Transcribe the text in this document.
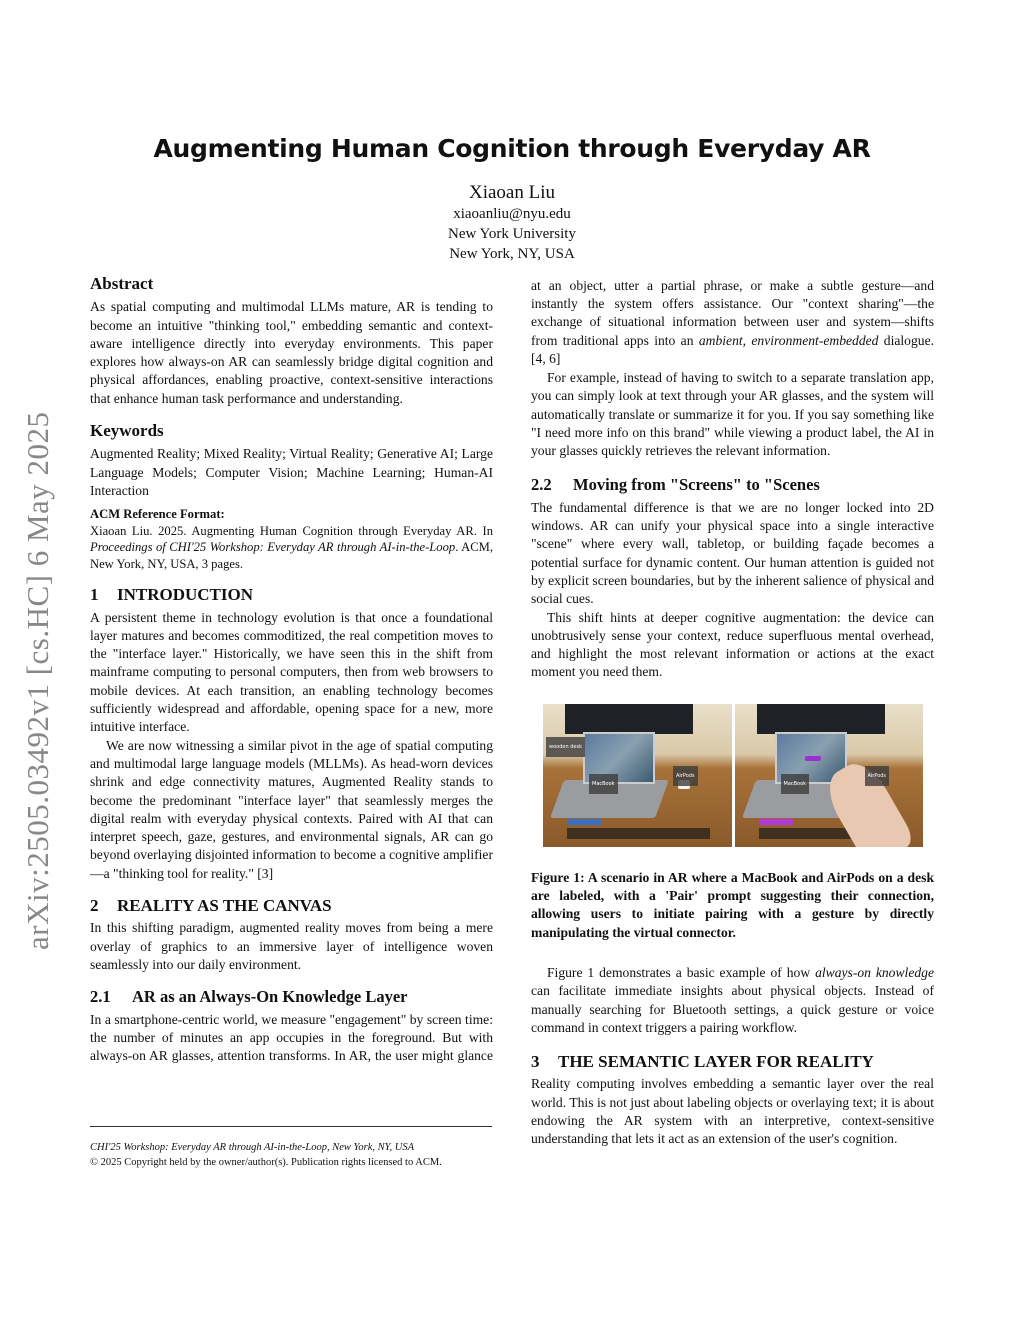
Augmenting Human Cognition through Everyday AR
Xiaoan Liu
xiaoanliu@nyu.edu
New York University
New York, NY, USA
arXiv:2505.03492v1 [cs.HC] 6 May 2025
Abstract

As spatial computing and multimodal LLMs mature, AR is tending to become an intuitive "thinking tool," embedding semantic and context-aware intelligence directly into everyday environments. This paper explores how always-on AR can seamlessly bridge digital cognition and physical affordances, enabling proactive, context-sensitive interactions that enhance human task performance and understanding.

Keywords

Augmented Reality; Mixed Reality; Virtual Reality; Generative AI; Large Language Models; Computer Vision; Machine Learning; Human-AI Interaction

ACM Reference Format:
Xiaoan Liu. 2025. Augmenting Human Cognition through Everyday AR. In Proceedings of CHI'25 Workshop: Everyday AR through AI-in-the-Loop. ACM, New York, NY, USA, 3 pages.
1 INTRODUCTION

A persistent theme in technology evolution is that once a foundational layer matures and becomes commoditized, the real competition moves to the "interface layer." Historically, we have seen this in the shift from mainframe computing to personal computers, then from web browsers to mobile devices. At each transition, an enabling technology becomes sufficiently widespread and affordable, opening space for a new, more intuitive interface.

We are now witnessing a similar pivot in the age of spatial computing and multimodal large language models (MLLMs). As head-worn devices shrink and edge connectivity matures, Augmented Reality stands to become the predominant "interface layer" that seamlessly merges the digital realm with everyday physical contexts. Paired with AI that can interpret speech, gaze, gestures, and environmental signals, AR can go beyond overlaying disjointed information to become a cognitive amplifier—a "thinking tool for reality." [3]

2 REALITY AS THE CANVAS

In this shifting paradigm, augmented reality moves from being a mere overlay of graphics to an immersive layer of intelligence woven seamlessly into our daily environment.

2.1 AR as an Always-On Knowledge Layer

In a smartphone-centric world, we measure "engagement" by screen time: the number of minutes an app occupies in the foreground. But with always-on AR glasses, attention transforms. In AR, the user might glance

CHI'25 Workshop: Everyday AR through AI-in-the-Loop, New York, NY, USA
© 2025 Copyright held by the owner/author(s). Publication rights licensed to ACM.

at an object, utter a partial phrase, or make a subtle gesture—and instantly the system offers assistance. Our "context sharing"—the exchange of situational information between user and system—shifts from traditional apps into an ambient, environment-embedded dialogue. [4, 6]

For example, instead of having to switch to a separate translation app, you can simply look at text through your AR glasses, and the system will automatically translate or summarize it for you. If you say something like "I need more info on this brand" while viewing a product label, the AI in your glasses quickly retrieves the relevant information.

2.2 Moving from "Screens" to "Scenes

The fundamental difference is that we are no longer locked into 2D windows. AR can unify your physical space into a single interactive "scene" where every wall, tabletop, or building façade becomes a potential surface for dynamic content. Our human attention is guided not by explicit screen boundaries, but by the inherent salience of physical and social cues.

This shift hints at deeper cognitive augmentation: the device can unobtrusively sense your context, reduce superfluous mental overhead, and highlight the most relevant information or actions at the exact moment you need them.

wooden desk
MacBook
AirPods
MacBook
AirPods
Figure 1: A scenario in AR where a MacBook and AirPods on a desk are labeled, with a 'Pair' prompt suggesting their connection, allowing users to initiate pairing with a gesture by directly manipulating the virtual connector.

Figure 1 demonstrates a basic example of how always-on knowledge can facilitate immediate insights about physical objects. Instead of manually searching for Bluetooth settings, a quick gesture or voice command in context triggers a pairing workflow.

3 THE SEMANTIC LAYER FOR REALITY

Reality computing involves embedding a semantic layer over the real world. This is not just about labeling objects or overlaying text; it is about endowing the AR system with an interpretive, context-sensitive understanding that lets it act as an extension of the user's cognition.
